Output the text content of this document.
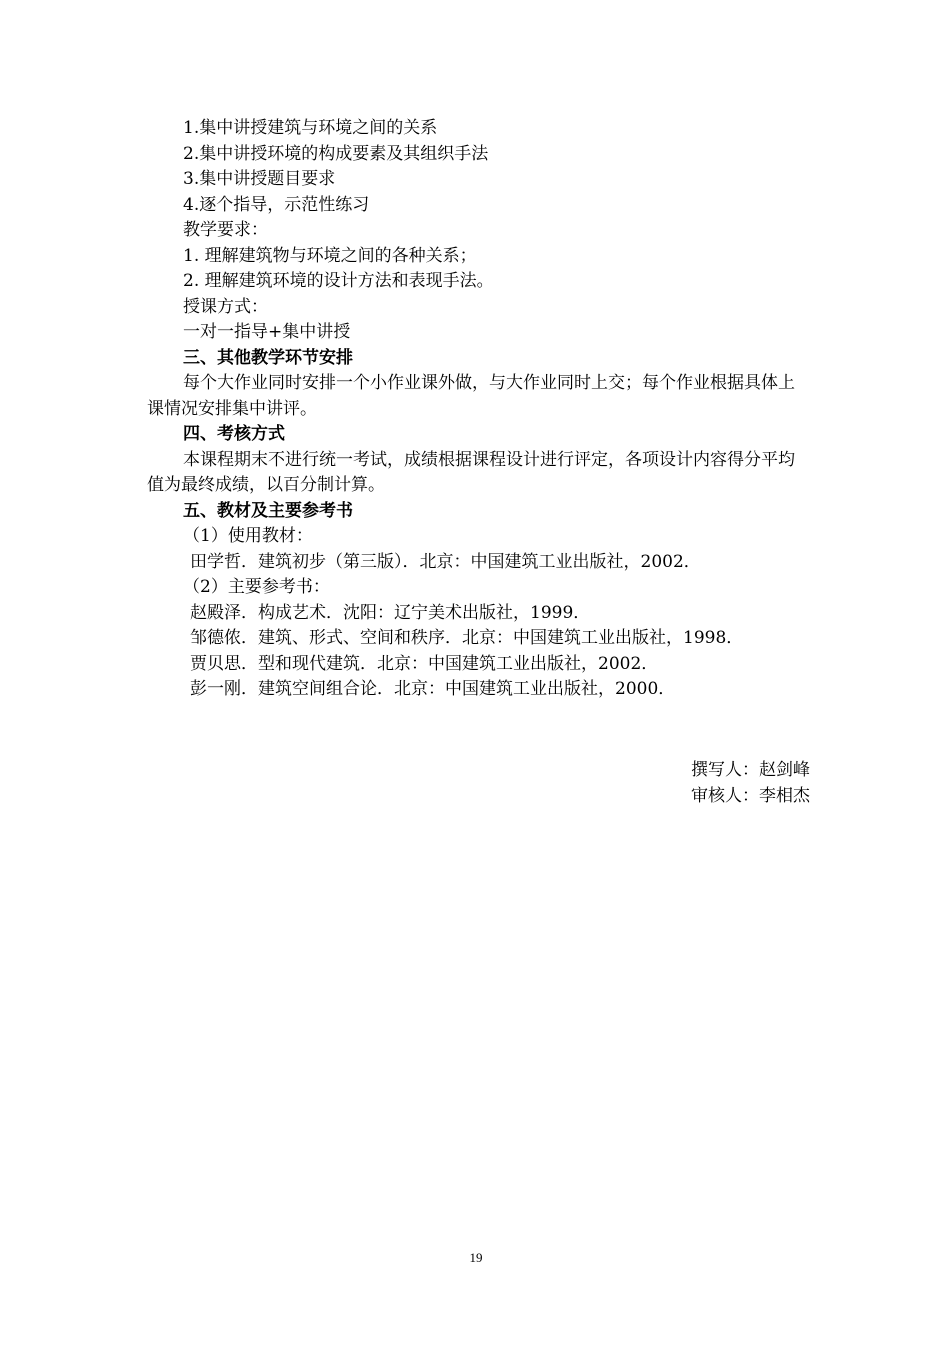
1.集中讲授建筑与环境之间的关系
2.集中讲授环境的构成要素及其组织手法
3.集中讲授题目要求
4.逐个指导，示范性练习
教学要求：
1. 理解建筑物与环境之间的各种关系；
2. 理解建筑环境的设计方法和表现手法。
授课方式：
一对一指导+集中讲授
三、其他教学环节安排
每个大作业同时安排一个小作业课外做，与大作业同时上交；每个作业根据具体上课情况安排集中讲评。
四、考核方式
本课程期末不进行统一考试，成绩根据课程设计进行评定，各项设计内容得分平均值为最终成绩，以百分制计算。
五、教材及主要参考书
（1）使用教材：
田学哲．建筑初步（第三版）．北京：中国建筑工业出版社，2002．
（2）主要参考书：
赵殿泽．构成艺术．沈阳：辽宁美术出版社，1999．
邹德侬．建筑、形式、空间和秩序．北京：中国建筑工业出版社，1998．
贾贝思．型和现代建筑．北京：中国建筑工业出版社，2002．
彭一刚．建筑空间组合论．北京：中国建筑工业出版社，2000．
撰写人：赵剑峰
审核人：李相杰
19
